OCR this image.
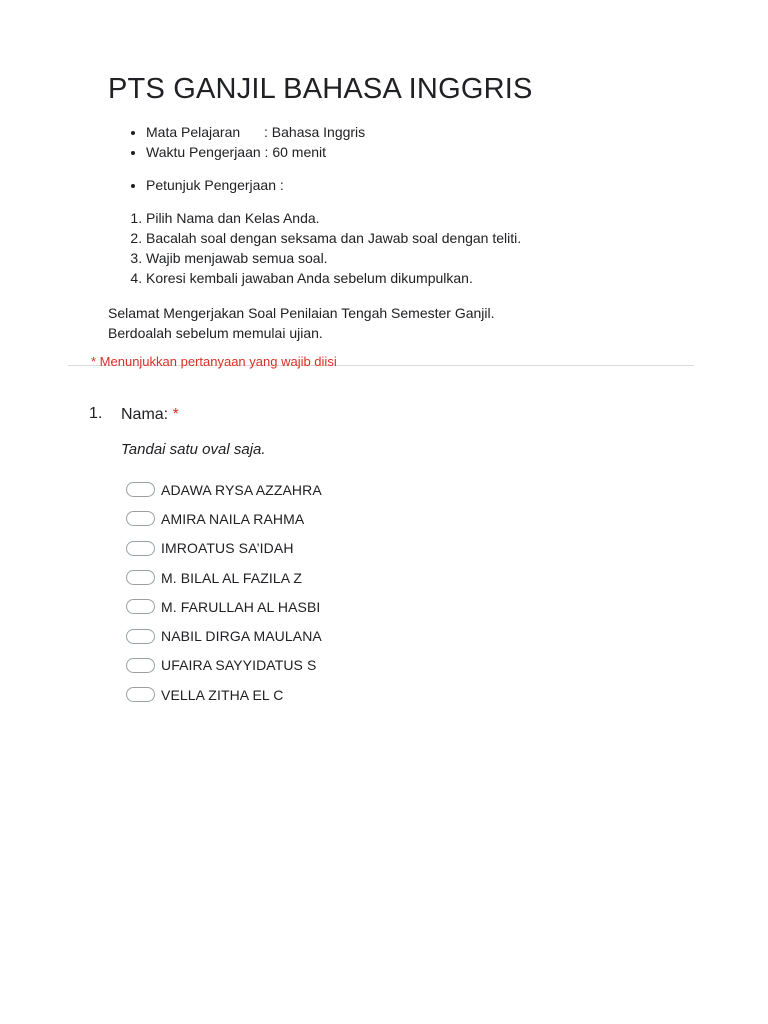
PTS GANJIL BAHASA INGGRIS
• Mata Pelajaran : Bahasa Inggris
• Waktu Pengerjaan : 60 menit
• Petunjuk Pengerjaan :
1. Pilih Nama dan Kelas Anda.
2. Bacalah soal dengan seksama dan Jawab soal dengan teliti.
3. Wajib menjawab semua soal.
4. Koresi kembali jawaban Anda sebelum dikumpulkan.

Selamat Mengerjakan Soal Penilaian Tengah Semester Ganjil.
Berdoalah sebelum memulai ujian.

* Menunjukkan pertanyaan yang wajib diisi

1. Nama: *
Tandai satu oval saja.
ADAWA RYSA AZZAHRA
AMIRA NAILA RAHMA
IMROATUS SA’IDAH
M. BILAL AL FAZILA Z
M. FARULLAH AL HASBI
NABIL DIRGA MAULANA
UFAIRA SAYYIDATUS S
VELLA ZITHA EL C
